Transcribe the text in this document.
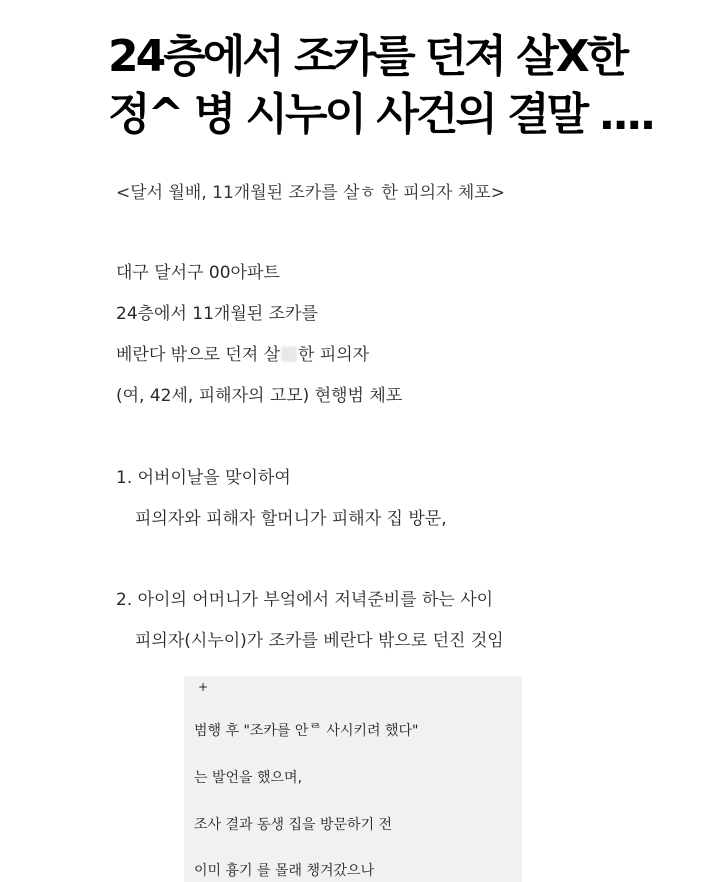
24층에서 조카를 던져 살X한
정^ 병 시누이 사건의 결말 ....
<달서 월배, 11개월된 조카를 살ㅎ 한 피의자 체포>
대구 달서구 00아파트
24층에서 11개월된 조카를
베란다 밖으로 던져 살 한 피의자
(여, 42세, 피해자의 고모) 현행범 체포
1. 어버이날을 맞이하여
피의자와 피해자 할머니가 피해자 집 방문,
2. 아이의 어머니가 부엌에서 저녁준비를 하는 사이
피의자(시누이)가 조카를 베란다 밖으로 던진 것임
+
범행 후 "조카를 안ᄅ 사시키려 했다"
는 발언을 했으며,
조사 결과 동생 집을 방문하기 전
이미 흉기 를 몰래 챙겨갔으나
